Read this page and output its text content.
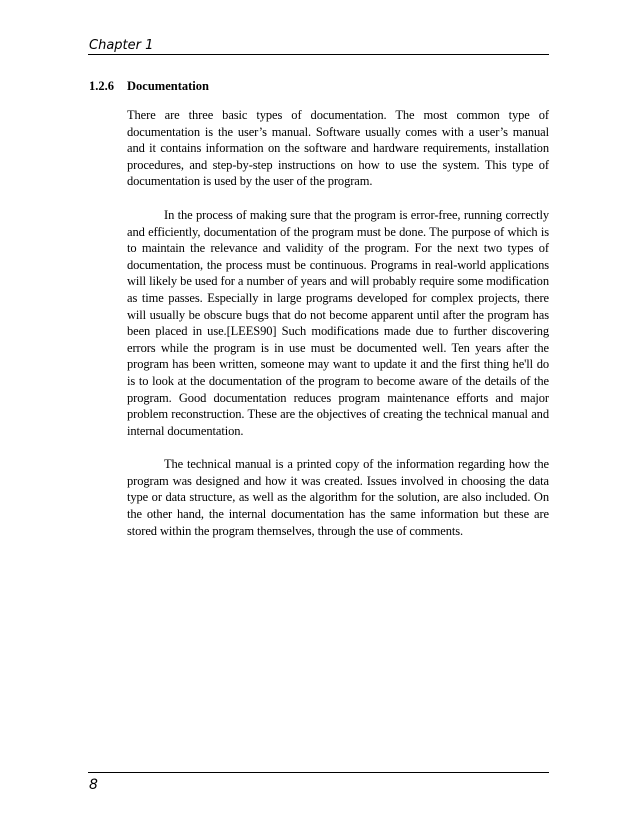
Chapter 1
1.2.6 Documentation

There are three basic types of documentation. The most common type of documentation is the user’s manual. Software usually comes with a user’s manual and it contains information on the software and hardware requirements, installation procedures, and step-by-step instructions on how to use the system. This type of documentation is used by the user of the program.

In the process of making sure that the program is error-free, running correctly and efficiently, documentation of the program must be done. The purpose of which is to maintain the relevance and validity of the program. For the next two types of documentation, the process must be continuous. Programs in real-world applications will likely be used for a number of years and will probably require some modification as time passes. Especially in large programs developed for complex projects, there will usually be obscure bugs that do not become apparent until after the program has been placed in use.[LEES90] Such modifications made due to further discovering errors while the program is in use must be documented well. Ten years after the program has been written, someone may want to update it and the first thing he'll do is to look at the documentation of the program to become aware of the details of the program. Good documentation reduces program maintenance efforts and major problem reconstruction. These are the objectives of creating the technical manual and internal documentation.

The technical manual is a printed copy of the information regarding how the program was designed and how it was created. Issues involved in choosing the data type or data structure, as well as the algorithm for the solution, are also included. On the other hand, the internal documentation has the same information but these are stored within the program themselves, through the use of comments.

8
